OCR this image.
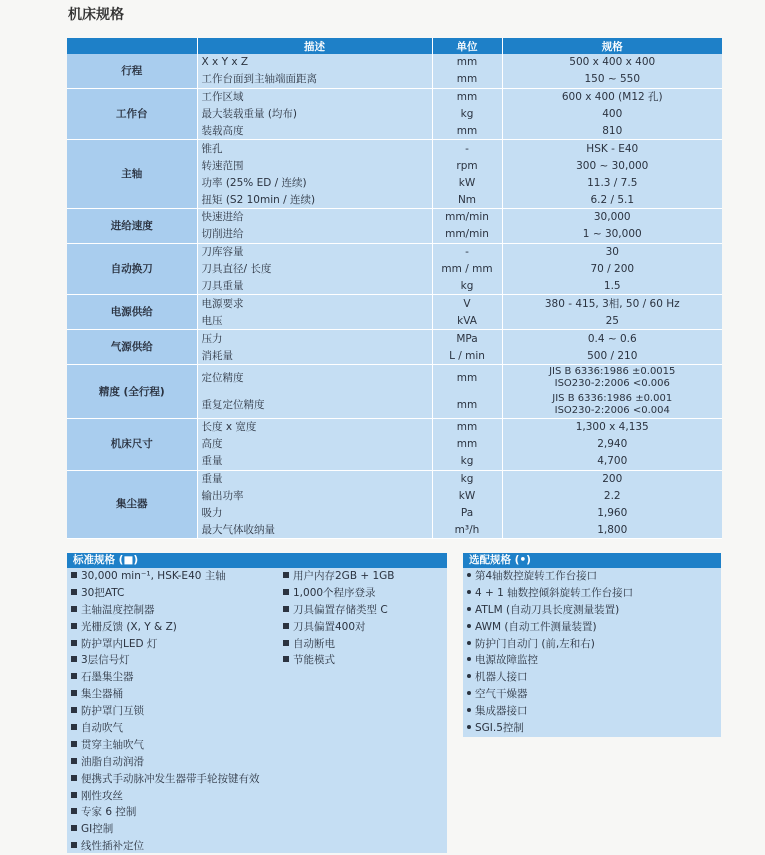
机床规格
	描述	单位	规格
行程	X x Y x Z	mm	500 x 400 x 400
	工作台面到主轴端面距离	mm	150 ~ 550
工作台	工作区域	mm	600 x 400 (M12 孔)
	最大装载重量 (均布)	kg	400
	装载高度	mm	810
主轴	锥孔	-	HSK - E40
	转速范围	rpm	300 ~ 30,000
	功率 (25% ED / 连续)	kW	11.3 / 7.5
	扭矩 (S2 10min / 连续)	Nm	6.2 / 5.1
进给速度	快速进给	mm/min	30,000
	切削进给	mm/min	1 ~ 30,000
自动换刀	刀库容量	-	30
	刀具直径/ 长度	mm / mm	70 / 200
	刀具重量	kg	1.5
电源供给	电源要求	V	380 - 415, 3相, 50 / 60 Hz
	电压	kVA	25
气源供给	压力	MPa	0.4 ~ 0.6
	消耗量	L / min	500 / 210
精度 (全行程)	定位精度	mm	JIS B 6336:1986 ±0.0015
ISO230-2:2006 <0.006

	重复定位精度	mm	JIS B 6336:1986 ±0.001
ISO230-2:2006 <0.004

机床尺寸	长度 x 宽度	mm	1,300 x 4,135
	高度	mm	2,940
	重量	kg	4,700
集尘器	重量	kg	200
	输出功率	kW	2.2
	吸力	Pa	1,960
	最大气体收纳量	m³/h	1,800
标准规格 (■)
30,000 min⁻¹, HSK-E40 主轴
30把ATC
主轴温度控制器
光栅反馈 (X, Y & Z)
防护罩内LED 灯
3层信号灯
石墨集尘器
集尘器桶
防护罩门互锁
自动吹气
贯穿主轴吹气
油脂自动润滑
便携式手动脉冲发生器带手轮按键有效
刚性攻丝
专家 6 控制
GI控制
线性插补定位
用户内存2GB + 1GB
1,000个程序登录
刀具偏置存储类型 C
刀具偏置400对
自动断电
节能模式
选配规格 (•)
第4轴数控旋转工作台接口
4 + 1 轴数控倾斜旋转工作台接口
ATLM (自动刀具长度测量装置)
AWM (自动工件测量装置)
防护门自动门 (前,左和右)
电源故障监控
机器人接口
空气干燥器
集成器接口
SGI.5控制
